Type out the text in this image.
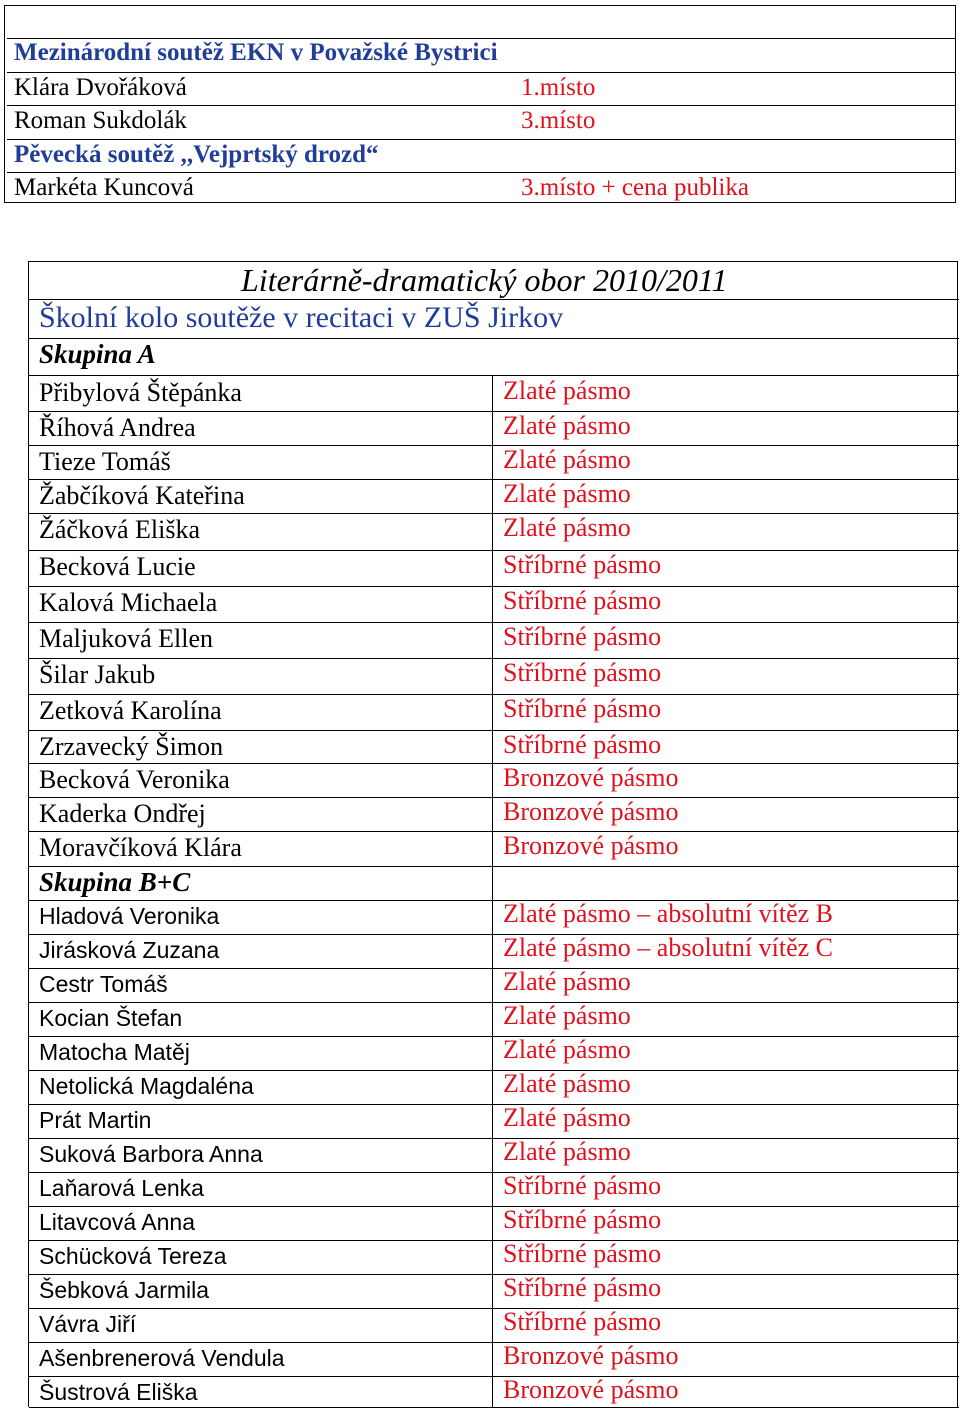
Mezinárodní soutěž EKN v Považské Bystrici
Klára Dvořáková	1.místo
Roman Sukdolák	3.místo
Pěvecká soutěž ,,Vejprtský drozd“
Markéta Kuncová	3.místo + cena publika
Literárně-dramatický obor 2010/2011
Školní kolo soutěže v recitaci v ZUŠ Jirkov
Skupina A
Přibylová Štěpánka	Zlaté pásmo
Říhová Andrea	Zlaté pásmo
Tieze Tomáš	Zlaté pásmo
Žabčíková Kateřina	Zlaté pásmo
Žáčková Eliška	Zlaté pásmo
Becková Lucie	Stříbrné pásmo
Kalová Michaela	Stříbrné pásmo
Maljuková Ellen	Stříbrné pásmo
Šilar Jakub	Stříbrné pásmo
Zetková Karolína	Stříbrné pásmo
Zrzavecký Šimon	Stříbrné pásmo
Becková Veronika	Bronzové pásmo
Kaderka Ondřej	Bronzové pásmo
Moravčíková Klára	Bronzové pásmo
Skupina B+C
Hladová Veronika	Zlaté pásmo – absolutní vítěz B
Jirásková Zuzana	Zlaté pásmo – absolutní vítěz C
Cestr Tomáš	Zlaté pásmo
Kocian Štefan	Zlaté pásmo
Matocha Matěj	Zlaté pásmo
Netolická Magdaléna	Zlaté pásmo
Prát Martin	Zlaté pásmo
Suková Barbora Anna	Zlaté pásmo
Laňarová Lenka	Stříbrné pásmo
Litavcová Anna	Stříbrné pásmo
Schücková Tereza	Stříbrné pásmo
Šebková Jarmila	Stříbrné pásmo
Vávra Jiří	Stříbrné pásmo
Ašenbrenerová Vendula	Bronzové pásmo
Šustrová Eliška	Bronzové pásmo
